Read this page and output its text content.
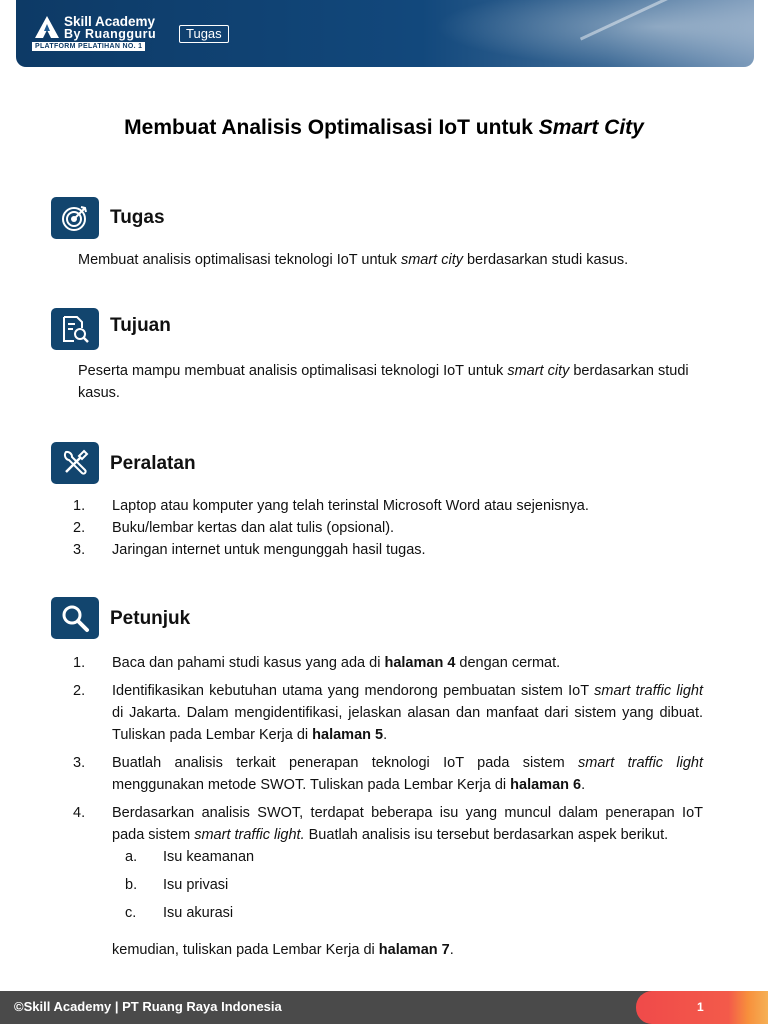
Skill Academy
By Ruangguru
PLATFORM PELATIHAN NO. 1
Tugas
Membuat Analisis Optimalisasi IoT untuk Smart City
Tugas
Membuat analisis optimalisasi teknologi IoT untuk smart city berdasarkan studi kasus.
Tujuan
Peserta mampu membuat analisis optimalisasi teknologi IoT untuk smart city berdasarkan studi kasus.
Peralatan
1. Laptop atau komputer yang telah terinstal Microsoft Word atau sejenisnya.
2. Buku/lembar kertas dan alat tulis (opsional).
3. Jaringan internet untuk mengunggah hasil tugas.
Petunjuk
1. Baca dan pahami studi kasus yang ada di halaman 4 dengan cermat.
2. Identifikasikan kebutuhan utama yang mendorong pembuatan sistem IoT smart traffic light di Jakarta. Dalam mengidentifikasi, jelaskan alasan dan manfaat dari sistem yang dibuat. Tuliskan pada Lembar Kerja di halaman 5.
3. Buatlah analisis terkait penerapan teknologi IoT pada sistem smart traffic light menggunakan metode SWOT. Tuliskan pada Lembar Kerja di halaman 6.
4. Berdasarkan analisis SWOT, terdapat beberapa isu yang muncul dalam penerapan IoT pada sistem smart traffic light. Buatlah analisis isu tersebut berdasarkan aspek berikut.
a. Isu keamanan
b. Isu privasi
c. Isu akurasi
kemudian, tuliskan pada Lembar Kerja di halaman 7.
©Skill Academy | PT Ruang Raya Indonesia	1
